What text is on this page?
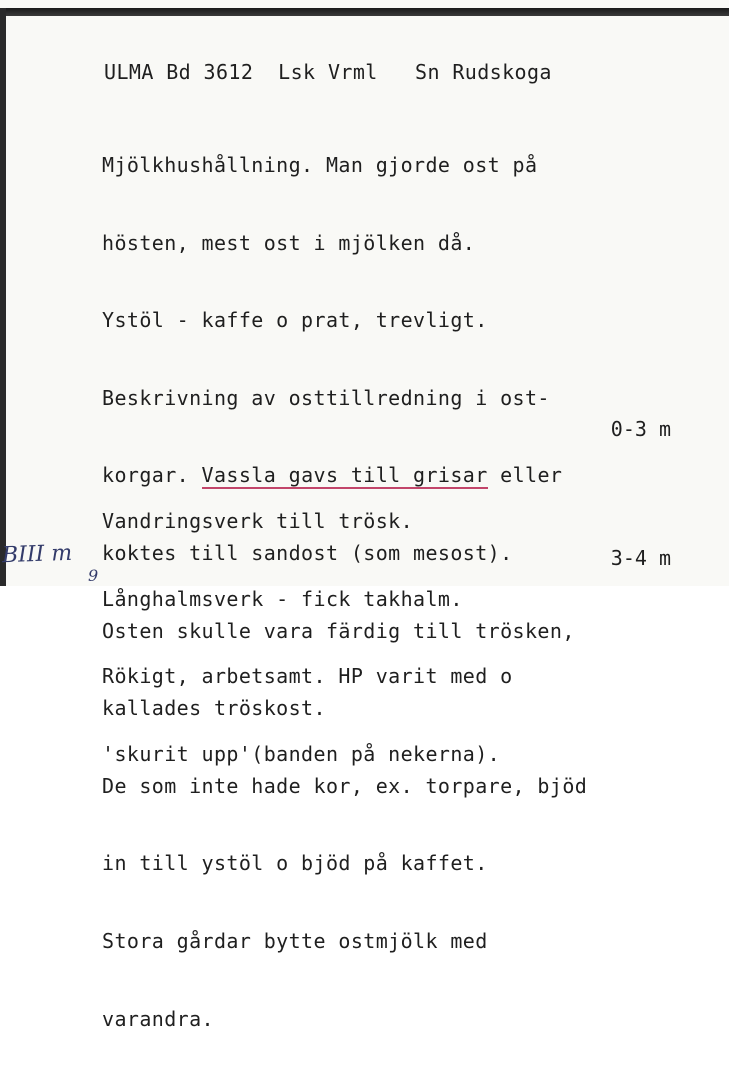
ULMA Bd 3612  Lsk Vrml   Sn Rudskoga

Mjölkhushållning. Man gjorde ost på

hösten, mest ost i mjölken då.

Ystöl - kaffe o prat, trevligt.

Beskrivning av osttillredning i ost-

korgar. Vassla gavs till grisar eller

koktes till sandost (som mesost).

Osten skulle vara färdig till trösken,

kallades tröskost.

De som inte hade kor, ex. torpare, bjöd

in till ystöl o bjöd på kaffet.

Stora gårdar bytte ostmjölk med

varandra.

0-3 m

Vandringsverk till trösk.

Långhalmsverk - fick takhalm.

Rökigt, arbetsamt. HP varit med o

'skurit upp'(banden på nekerna).

3-4 m
BIII m
9
